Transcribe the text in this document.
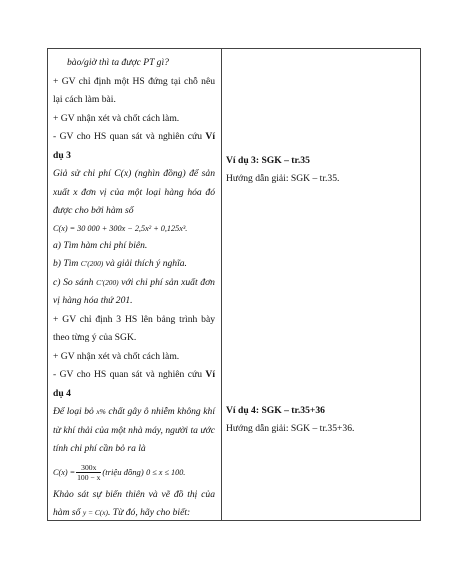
bào/giờ thì ta được PT gì?

+ GV chỉ định một HS đứng tại chỗ nêu lại cách làm bài.

+ GV nhận xét và chốt cách làm.

- GV cho HS quan sát và nghiên cứu Ví dụ 3

Giả sử chi phí C(x) (nghìn đồng) để sản xuất x đơn vị của một loại hàng hóa đó được cho bởi hàm số

C(x) = 30 000 + 300x − 2,5x² + 0,125x³.

a) Tìm hàm chi phí biên.

b) Tìm C′(200) và giải thích ý nghĩa.

c) So sánh C′(200) với chi phí sản xuất đơn vị hàng hóa thứ 201.

+ GV chỉ định 3 HS lên bảng trình bày theo từng ý của SGK.

+ GV nhận xét và chốt cách làm.

- GV cho HS quan sát và nghiên cứu Ví dụ 4

Để loại bỏ x% chất gây ô nhiễm không khí từ khí thải của một nhà máy, người ta ước tính chi phí cần bỏ ra là

$C(x) = \frac{300x}{100 - x}$ (triệu đồng) 0 ≤ x ≤ 100.

Khảo sát sự biến thiên và vẽ đồ thị của hàm số y = C(x). Từ đó, hãy cho biết:

Ví dụ 3: SGK – tr.35
Hướng dẫn giải: SGK – tr.35.
Ví dụ 4: SGK – tr.35+36
Hướng dẫn giải: SGK – tr.35+36.
